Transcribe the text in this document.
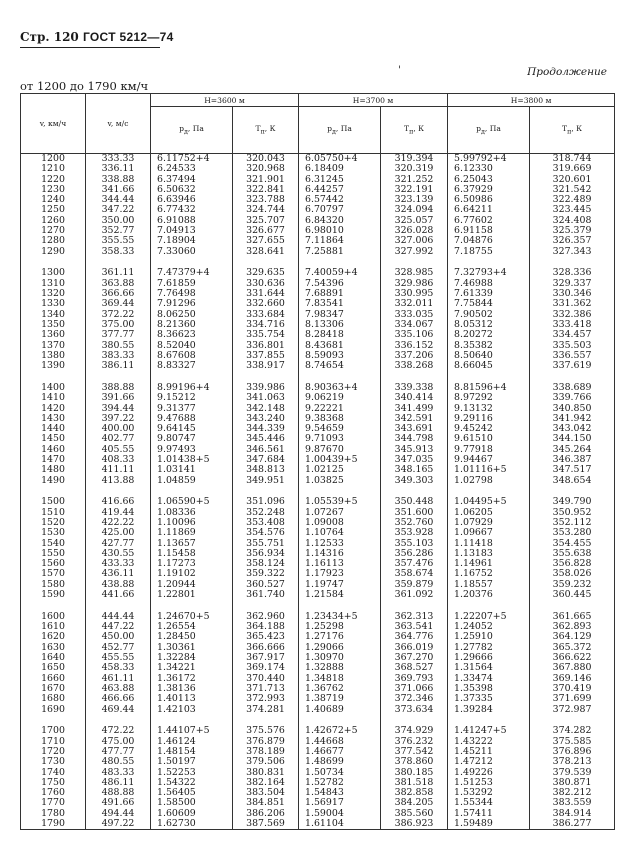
Стр. 120 ГОСТ 5212—74
'	Продолжение
от 1200 до 1790 км/ч
v, км/ч	v, м/с	H=3600 м		H=3700 м		H=3800 м	
		$p_д$, Па	$T_п$, К	$p_д$, Па	$T_п$, К	$p_д$, Па	$T_п$, К
1200	333.33	6.11752+4	320.043	6.05750+4	319.394	5.99792+4	318.744
1210	336.11	6.24533	320.968	6.18409	320.319	6.12330	319.669
1220	338.88	6.37494	321.901	6.31245	321.252	6.25043	320.601
1230	341.66	6.50632	322.841	6.44257	322.191	6.37929	321.542
1240	344.44	6.63946	323.788	6.57442	323.139	6.50986	322.489
1250	347.22	6.77432	324.744	6.70797	324.094	6.64211	323.445
1260	350.00	6.91088	325.707	6.84320	325.057	6.77602	324.408
1270	352.77	7.04913	326.677	6.98010	326.028	6.91158	325.379
1280	355.55	7.18904	327.655	7.11864	327.006	7.04876	326.357
1290	358.33	7.33060	328.641	7.25881	327.992	7.18755	327.343

1300	361.11	7.47379+4	329.635	7.40059+4	328.985	7.32793+4	328.336
1310	363.88	7.61859	330.636	7.54396	329.986	7.46988	329.337
1320	366.66	7.76498	331.644	7.68891	330.995	7.61339	330.346
1330	369.44	7.91296	332.660	7.83541	332.011	7.75844	331.362
1340	372.22	8.06250	333.684	7.98347	333.035	7.90502	332.386
1350	375.00	8.21360	334.716	8.13306	334.067	8.05312	333.418
1360	377.77	8.36623	335.754	8.28418	335.106	8.20272	334.457
1370	380.55	8.52040	336.801	8.43681	336.152	8.35382	335.503
1380	383.33	8.67608	337.855	8.59093	337.206	8.50640	336.557
1390	386.11	8.83327	338.917	8.74654	338.268	8.66045	337.619

1400	388.88	8.99196+4	339.986	8.90363+4	339.338	8.81596+4	338.689
1410	391.66	9.15212	341.063	9.06219	340.414	8.97292	339.766
1420	394.44	9.31377	342.148	9.22221	341.499	9.13132	340.850
1430	397.22	9.47688	343.240	9.38368	342.591	9.29116	341.942
1440	400.00	9.64145	344.339	9.54659	343.691	9.45242	343.042
1450	402.77	9.80747	345.446	9.71093	344.798	9.61510	344.150
1460	405.55	9.97493	346.561	9.87670	345.913	9.77918	345.264
1470	408.33	1.01438+5	347.684	1.00439+5	347.035	9.94467	346.387
1480	411.11	1.03141	348.813	1.02125	348.165	1.01116+5	347.517
1490	413.88	1.04859	349.951	1.03825	349.303	1.02798	348.654

1500	416.66	1.06590+5	351.096	1.05539+5	350.448	1.04495+5	349.790
1510	419.44	1.08336	352.248	1.07267	351.600	1.06205	350.952
1520	422.22	1.10096	353.408	1.09008	352.760	1.07929	352.112
1530	425.00	1.11869	354.576	1.10764	353.928	1.09667	353.280
1540	427.77	1.13657	355.751	1.12533	355.103	1.11418	354.455
1550	430.55	1.15458	356.934	1.14316	356.286	1.13183	355.638
1560	433.33	1.17273	358.124	1.16113	357.476	1.14961	356.828
1570	436.11	1.19102	359.322	1.17923	358.674	1.16752	358.026
1580	438.88	1.20944	360.527	1.19747	359.879	1.18557	359.232
1590	441.66	1.22801	361.740	1.21584	361.092	1.20376	360.445

1600	444.44	1.24670+5	362.960	1.23434+5	362.313	1.22207+5	361.665
1610	447.22	1.26554	364.188	1.25298	363.541	1.24052	362.893
1620	450.00	1.28450	365.423	1.27176	364.776	1.25910	364.129
1630	452.77	1.30361	366.666	1.29066	366.019	1.27782	365.372
1640	455.55	1.32284	367.917	1.30970	367.270	1.29666	366.622
1650	458.33	1.34221	369.174	1.32888	368.527	1.31564	367.880
1660	461.11	1.36172	370.440	1.34818	369.793	1.33474	369.146
1670	463.88	1.38136	371.713	1.36762	371.066	1.35398	370.419
1680	466.66	1.40113	372.993	1.38719	372.346	1.37335	371.699
1690	469.44	1.42103	374.281	1.40689	373.634	1.39284	372.987

1700	472.22	1.44107+5	375.576	1.42672+5	374.929	1.41247+5	374.282
1710	475.00	1.46124	376.879	1.44668	376.232	1.43222	375.585
1720	477.77	1.48154	378.189	1.46677	377.542	1.45211	376.896
1730	480.55	1.50197	379.506	1.48699	378.860	1.47212	378.213
1740	483.33	1.52253	380.831	1.50734	380.185	1.49226	379.539
1750	486.11	1.54322	382.164	1.52782	381.518	1.51253	380.871
1760	488.88	1.56405	383.504	1.54843	382.858	1.53292	382.212
1770	491.66	1.58500	384.851	1.56917	384.205	1.55344	383.559
1780	494.44	1.60609	386.206	1.59004	385.560	1.57411	384.914
1790	497.22	1.62730	387.569	1.61104	386.923	1.59489	386.277
